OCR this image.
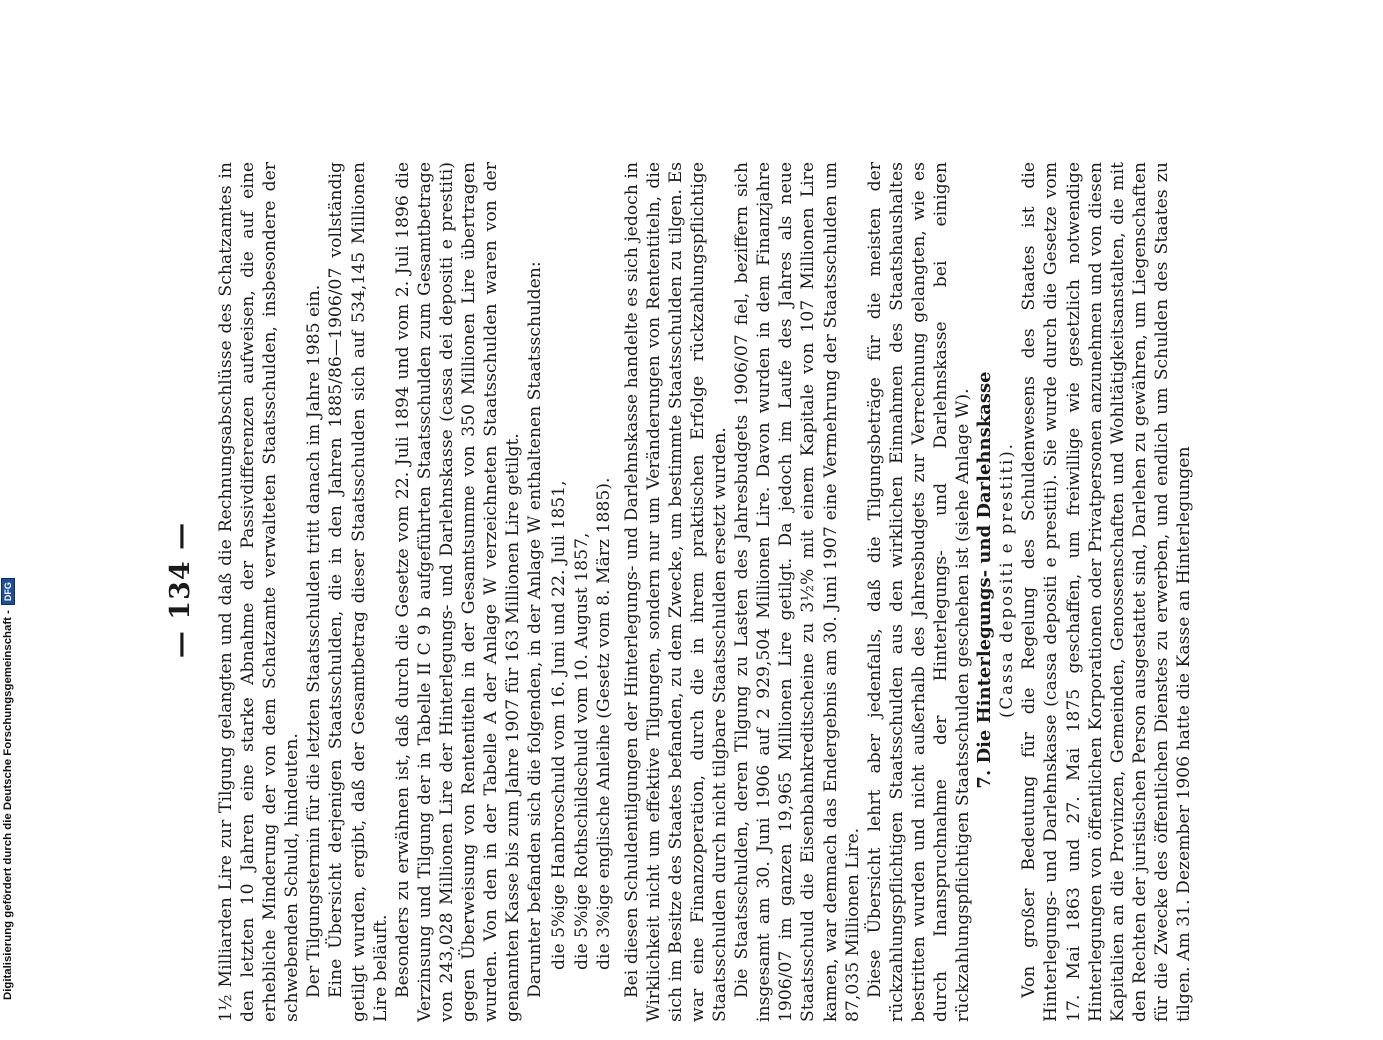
— 134 — 1½ Milliarden Lire zur Tilgung gelangten und daß die Rechnungsabschlüsse des Schatzamtes in den letzten 10 Jahren eine starke Abnahme der Passivdifferenzen aufweisen, die auf eine erhebliche Minderung der von dem Schatzamte verwalteten Staatsschulden, insbesondere der schwebenden Schuld, hindeuten. Der Tilgungstermin für die letzten Staatsschulden tritt danach im Jahre 1985 ein. Eine Übersicht derjenigen Staatsschulden, die in den Jahren 1885/86—1906/07 vollständig getilgt wurden, ergibt, daß der Gesamtbetrag dieser Staatsschulden sich auf 534,145 Millionen Lire beläuft. Besonders zu erwähnen ist, daß durch die Gesetze vom 22. Juli 1894 und vom 2. Juli 1896 die Verzinsung und Tilgung der in Tabelle II C 9 b aufgeführten Staatsschulden zum Gesamtbetrage von 243,028 Millionen Lire der Hinterlegungs- und Darlehnskasse (cassa dei depositi e prestiti) gegen Überweisung von Rententiteln in der Gesamtsumme von 350 Millionen Lire übertragen wurden. Von den in der Tabelle A der Anlage W verzeichneten Staatsschulden waren von der genannten Kasse bis zum Jahre 1907 für 163 Millionen Lire getilgt. Darunter befanden sich die folgenden, in der Anlage W enthaltenen Staatsschulden: die 5%ige Hanbroschuld vom 16. Juni und 22. Juli 1851, die 5%ige Rothschildschuld vom 10. August 1857, die 3%ige englische Anleihe (Gesetz vom 8. März 1885). Bei diesen Schuldentilgungen der Hinterlegungs- und Darlehnskasse handelte es sich jedoch in Wirklichkeit nicht um effektive Tilgungen, sondern nur um Veränderungen von Rententiteln, die sich im Besitze des Staates befanden, zu dem Zwecke, um bestimmte Staatsschulden zu tilgen. Es war eine Finanzoperation, durch die in ihrem praktischen Erfolge rückzahlungspflichtige Staatsschulden durch nicht tilgbare Staatsschulden ersetzt wurden. Die Staatsschulden, deren Tilgung zu Lasten des Jahresbudgets 1906/07 fiel, beziffern sich insgesamt am 30. Juni 1906 auf 2 929,504 Millionen Lire. Davon wurden in dem Finanzjahre 1906/07 im ganzen 19,965 Millionen Lire getilgt. Da jedoch im Laufe des Jahres als neue Staatsschuld die Eisenbahnkreditscheine zu 3½% mit einem Kapitale von 107 Millionen Lire kamen, war demnach das Endergebnis am 30. Juni 1907 eine Vermehrung der Staatsschulden um 87,035 Millionen Lire. Diese Übersicht lehrt aber jedenfalls, daß die Tilgungsbeträge für die meisten der rückzahlungspflichtigen Staatsschulden aus den wirklichen Einnahmen des Staatshaushaltes bestritten wurden und nicht außerhalb des Jahresbudgets zur Verrechnung gelangten, wie es durch Inanspruchnahme der Hinterlegungs- und Darlehnskasse bei einigen rückzahlungspflichtigen Staatsschulden geschehen ist (siehe Anlage W). 7. Die Hinterlegungs- und Darlehnskasse (Cassa depositi e prestiti). Von großer Bedeutung für die Regelung des Schuldenwesens des Staates ist die Hinterlegungs- und Darlehnskasse (cassa depositi e prestiti). Sie wurde durch die Gesetze vom 17. Mai 1863 und 27. Mai 1875 geschaffen, um freiwillige wie gesetzlich notwendige Hinterlegungen von öffentlichen Korporationen oder Privatpersonen anzunehmen und von diesen Kapitalien an die Provinzen, Gemeinden, Genossenschaften und Wohltätigkeitsanstalten, die mit den Rechten der juristischen Person ausgestattet sind, Darlehen zu gewähren, um Liegenschaften für die Zwecke des öffentlichen Dienstes zu erwerben, und endlich um Schulden des Staates zu tilgen. Am 31. Dezember 1906 hatte die Kasse an Hinterlegungen

Digitalisierung gefördert durch die Deutsche Forschungsgemeinschaft -
DFG
